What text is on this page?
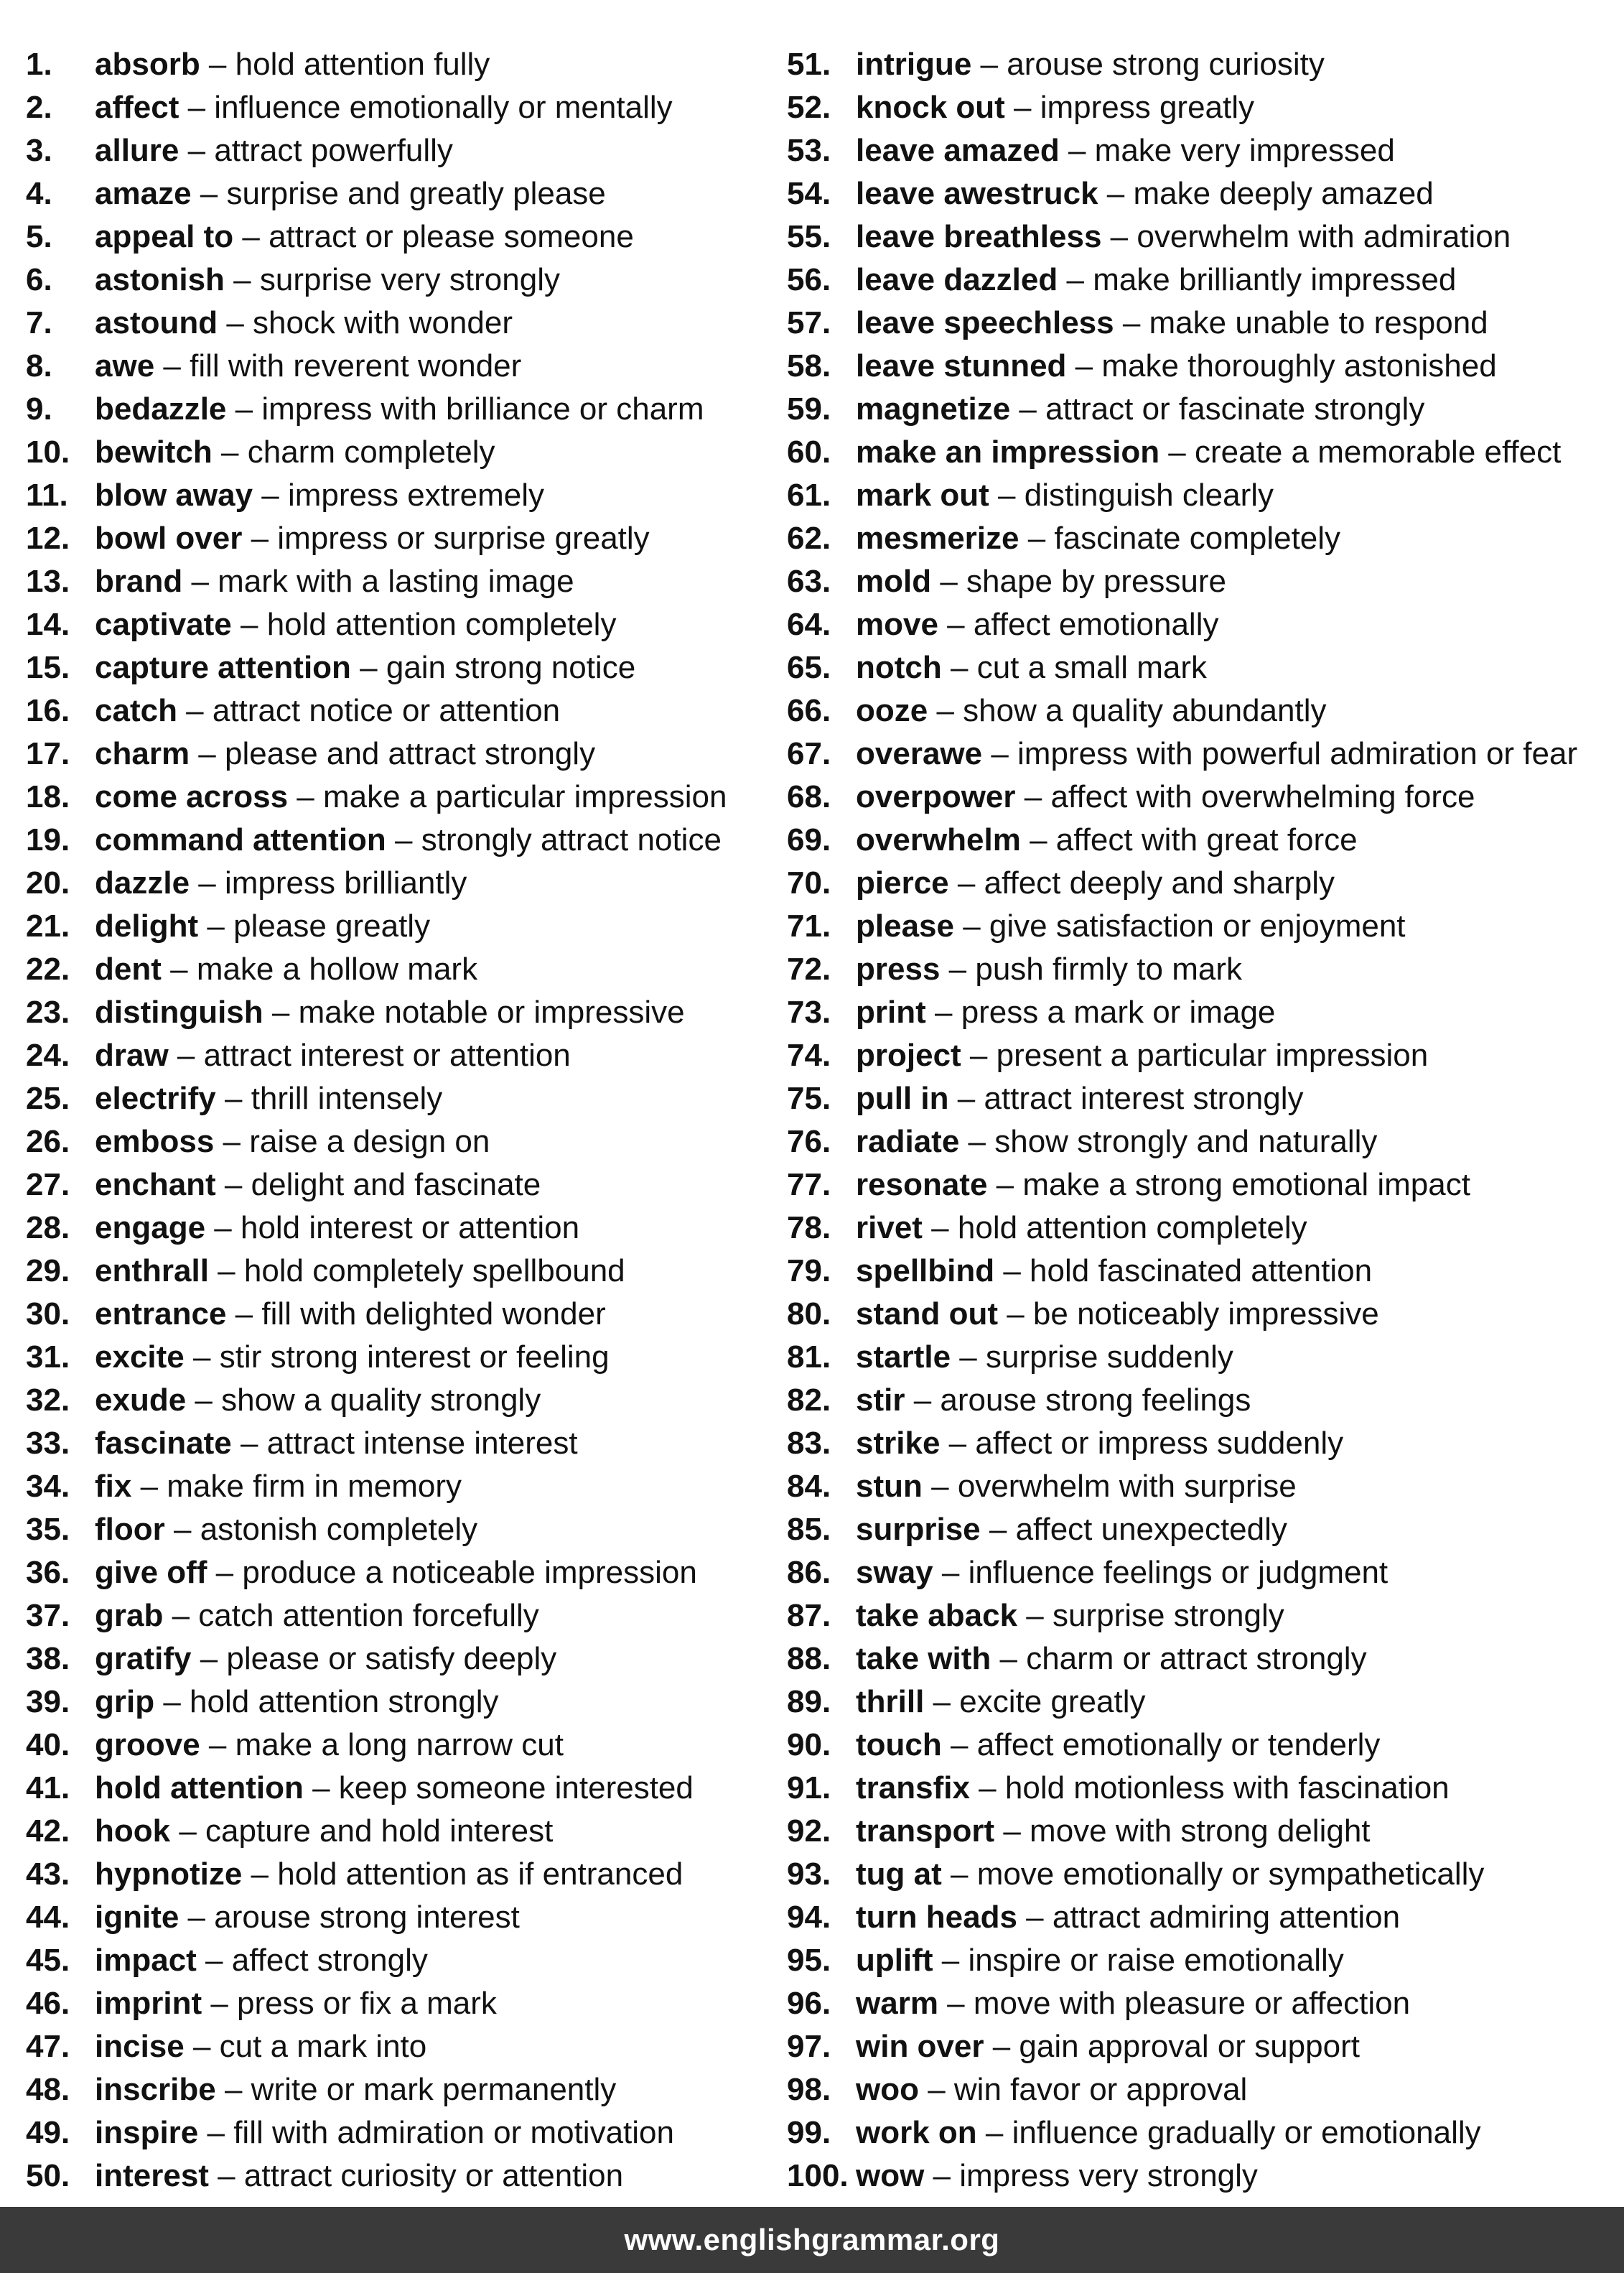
1.	absorb – hold attention fully
2.	affect – influence emotionally or mentally
3.	allure – attract powerfully
4.	amaze – surprise and greatly please
5.	appeal to – attract or please someone
6.	astonish – surprise very strongly
7.	astound – shock with wonder
8.	awe – fill with reverent wonder
9.	bedazzle – impress with brilliance or charm
10. bewitch – charm completely
11. blow away – impress extremely
12. bowl over – impress or surprise greatly
13. brand – mark with a lasting image
14. captivate – hold attention completely
15. capture attention – gain strong notice
16. catch – attract notice or attention
17. charm – please and attract strongly
18. come across – make a particular impression
19. command attention – strongly attract notice
20. dazzle – impress brilliantly
21. delight – please greatly
22. dent – make a hollow mark
23. distinguish – make notable or impressive
24. draw – attract interest or attention
25. electrify – thrill intensely
26. emboss – raise a design on
27. enchant – delight and fascinate
28. engage – hold interest or attention
29. enthrall – hold completely spellbound
30. entrance – fill with delighted wonder
31. excite – stir strong interest or feeling
32. exude – show a quality strongly
33. fascinate – attract intense interest
34. fix – make firm in memory
35. floor – astonish completely
36. give off – produce a noticeable impression
37. grab – catch attention forcefully
38. gratify – please or satisfy deeply
39. grip – hold attention strongly
40. groove – make a long narrow cut
41. hold attention – keep someone interested
42. hook – capture and hold interest
43. hypnotize – hold attention as if entranced
44. ignite – arouse strong interest
45. impact – affect strongly
46. imprint – press or fix a mark
47. incise – cut a mark into
48. inscribe – write or mark permanently
49. inspire – fill with admiration or motivation
50. interest – attract curiosity or attention
51. intrigue – arouse strong curiosity
52. knock out – impress greatly
53. leave amazed – make very impressed
54. leave awestruck – make deeply amazed
55. leave breathless – overwhelm with admiration
56. leave dazzled – make brilliantly impressed
57. leave speechless – make unable to respond
58. leave stunned – make thoroughly astonished
59. magnetize – attract or fascinate strongly
60. make an impression – create a memorable effect
61. mark out – distinguish clearly
62. mesmerize – fascinate completely
63. mold – shape by pressure
64. move – affect emotionally
65. notch – cut a small mark
66. ooze – show a quality abundantly
67. overawe – impress with powerful admiration or fear
68. overpower – affect with overwhelming force
69. overwhelm – affect with great force
70. pierce – affect deeply and sharply
71. please – give satisfaction or enjoyment
72. press – push firmly to mark
73. print – press a mark or image
74. project – present a particular impression
75. pull in – attract interest strongly
76. radiate – show strongly and naturally
77. resonate – make a strong emotional impact
78. rivet – hold attention completely
79. spellbind – hold fascinated attention
80. stand out – be noticeably impressive
81. startle – surprise suddenly
82. stir – arouse strong feelings
83. strike – affect or impress suddenly
84. stun – overwhelm with surprise
85. surprise – affect unexpectedly
86. sway – influence feelings or judgment
87. take aback – surprise strongly
88. take with – charm or attract strongly
89. thrill – excite greatly
90. touch – affect emotionally or tenderly
91. transfix – hold motionless with fascination
92. transport – move with strong delight
93. tug at – move emotionally or sympathetically
94. turn heads – attract admiring attention
95. uplift – inspire or raise emotionally
96. warm – move with pleasure or affection
97. win over – gain approval or support
98. woo – win favor or approval
99. work on – influence gradually or emotionally
100. wow – impress very strongly
www.englishgrammar.org
